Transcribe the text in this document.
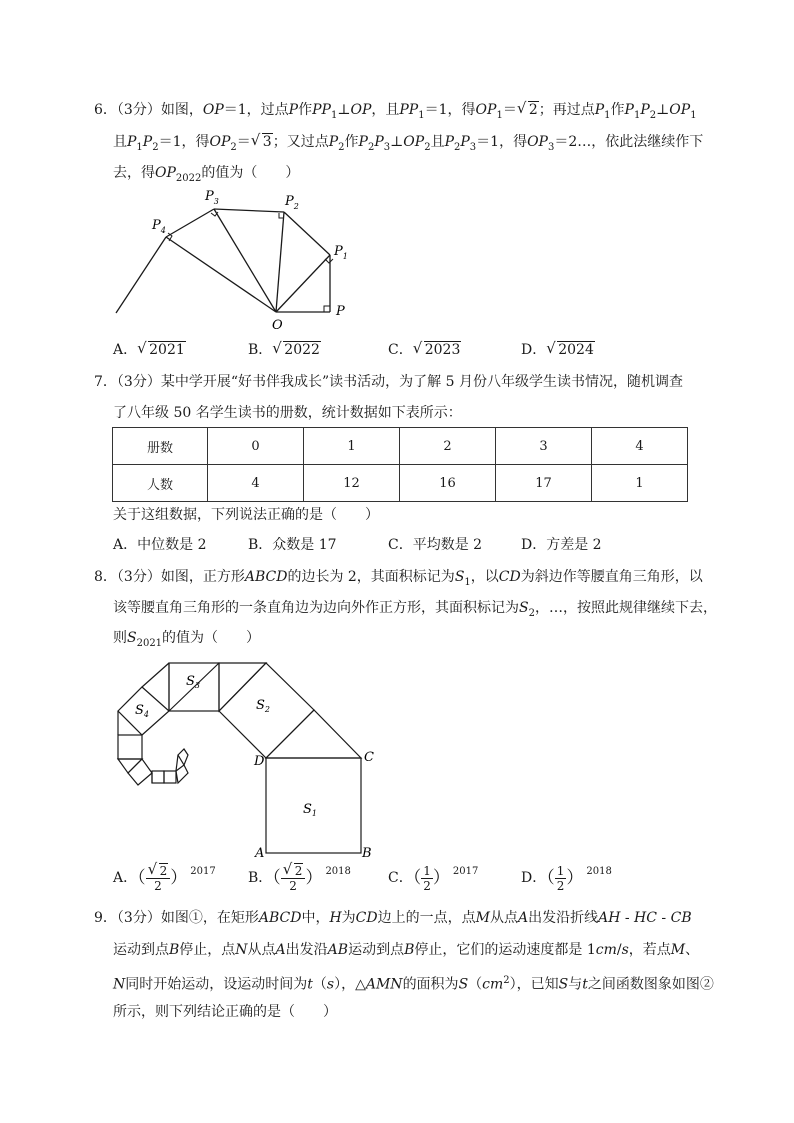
6．（3分）如图，OP＝1，过点P作$PP_1\perp OP$，且$PP_1=1$，得$OP_1=$ √ 2；再过点$P_1$作$P_1P_2\perp OP_1$
且$P_1P_2=1$，得$OP_2=$ √ 3；又过点$P_2$作$P_2P_3\perp OP_2$且$P_2P_3=1$，得$OP_3=2\dots$，依此法继续作下
去，得$OP_{2022}$的值为（　　）
P
$P_1$
$P_2$
$P_3$
$P_4$
O
A． √ 2021	B． √ 2022	C． √ 2023	D． √ 2024
7．（3分）某中学开展“好书伴我成长”读书活动，为了解 5 月份八年级学生读书情况，随机调查
了八年级 50 名学生读书的册数，统计数据如下表所示：
册数	0	1	2	3	4
人数	4	12	16	17	1
关于这组数据，下列说法正确的是（　　）
A．中位数是 2	B．众数是 17	C．平均数是 2	D．方差是 2
8．（3分）如图，正方形ABCD的边长为 2，其面积标记为$S_1$，以CD为斜边作等腰直角三角形，以
该等腰直角三角形的一条直角边为边向外作正方形，其面积标记为$S_2$，…，按照此规律继续下去，
则$S_{2021}$的值为（　　）
$S_1$
$S_2$
$S_3$
$S_4$
A	B
C
D
A．（ √ $\frac{2}{2}$ ） $^{2017}$ B．（ √ $\frac{2}{2}$ ） $^{2018}$	C．（ $\frac{1}{2}$ ） $^{2017}$	D．（ $\frac{1}{2}$ ） $^{2018}$
9．（3分）如图①，在矩形ABCD中，H为CD边上的一点，点M从点A出发沿折线AH - HC - CB
运动到点B停止，点N从点A出发沿AB运动到点B停止，它们的运动速度都是 1cm/s，若点M、
N同时开始运动，设运动时间为t（s），△AMN的面积为$S(cm^2)$，已知S与t之间函数图象如图②
所示，则下列结论正确的是（　　）
